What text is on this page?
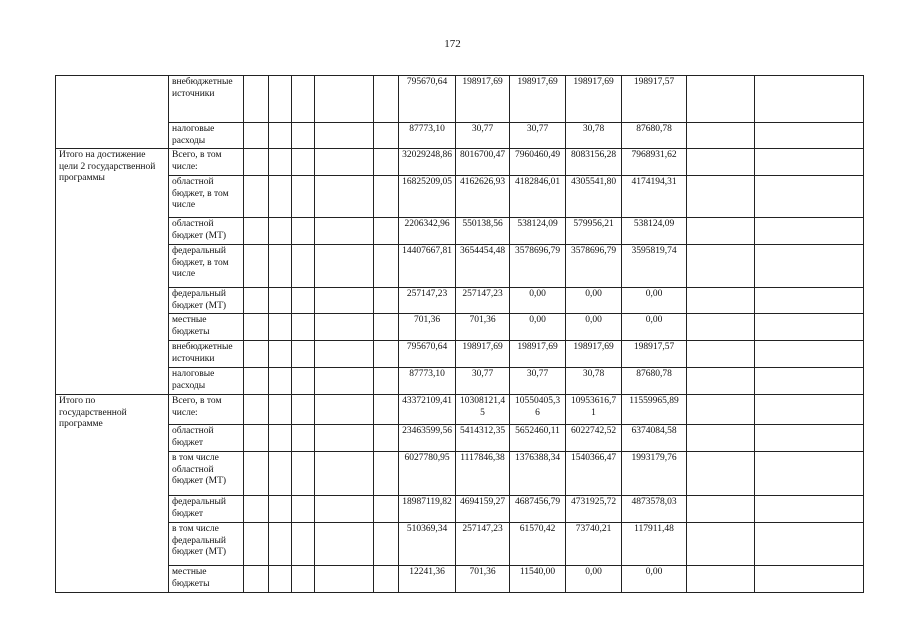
172
	внебюджетные источники						795670,64	198917,69	198917,69	198917,69	198917,57		

	налоговые расходы						87773,10	30,77	30,77	30,78	87680,78		

Итого на достижение цели 2 государственной программы	Всего, в том числе:						32029248,86	8016700,47	7960460,49	8083156,28	7968931,62		

	областной бюджет, в том числе						16825209,05	4162626,93	4182846,01	4305541,80	4174194,31		

	областной бюджет (МТ)						2206342,96	550138,56	538124,09	579956,21	538124,09		

	федеральный бюджет, в том числе						14407667,81	3654454,48	3578696,79	3578696,79	3595819,74		

	федеральный бюджет (МТ)						257147,23	257147,23	0,00	0,00	0,00		

	местные бюджеты						701,36	701,36	0,00	0,00	0,00		

	внебюджетные источники						795670,64	198917,69	198917,69	198917,69	198917,57		

	налоговые расходы						87773,10	30,77	30,77	30,78	87680,78		

Итого по государственной программе	Всего, в том числе:						43372109,41	10308121,45	10550405,36	10953616,71	11559965,89		

	областной бюджет						23463599,56	5414312,35	5652460,11	6022742,52	6374084,58		

	в том числе областной бюджет (МТ)						6027780,95	1117846,38	1376388,34	1540366,47	1993179,76		

	федеральный бюджет						18987119,82	4694159,27	4687456,79	4731925,72	4873578,03		

	в том числе федеральный бюджет (МТ)						510369,34	257147,23	61570,42	73740,21	117911,48		

	местные бюджеты						12241,36	701,36	11540,00	0,00	0,00		
